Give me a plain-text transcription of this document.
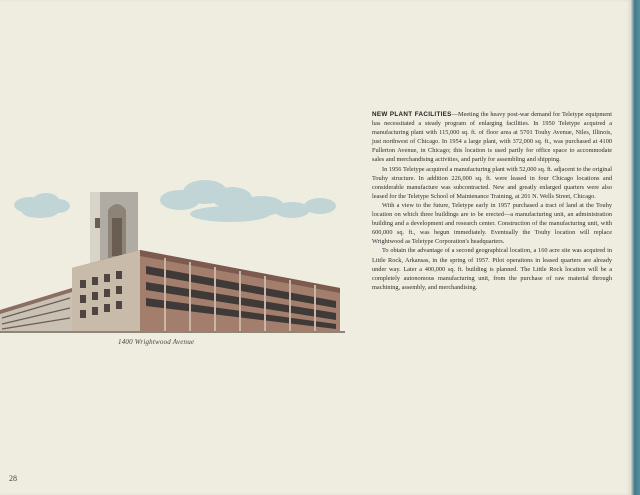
1400 Wrightwood Avenue

NEW PLANT FACILITIES—Meeting the heavy post-war demand for Teletype equipment has necessitated a steady program of enlarging facilities. In 1950 Teletype acquired a manufacturing plant with 115,000 sq. ft. of floor area at 5701 Touhy Avenue, Niles, Illinois, just northwest of Chicago. In 1954 a large plant, with 372,000 sq. ft., was purchased at 4100 Fullerton Avenue, in Chicago; this location is used partly for office space to accommodate sales and merchandising activities, and partly for assembling and shipping.

In 1956 Teletype acquired a manufacturing plant with 52,000 sq. ft. adjacent to the original Touhy structure. In addition 226,000 sq. ft. were leased in four Chicago locations and considerable manufacture was subcontracted. New and greatly enlarged quarters were also leased for the Teletype School of Maintenance Training, at 201 N. Wells Street, Chicago.

With a view to the future, Teletype early in 1957 purchased a tract of land at the Touhy location on which three buildings are to be erected—a manufacturing unit, an administration building and a development and research center. Construction of the manufacturing unit, with 600,000 sq. ft., was begun immediately. Eventually the Touhy location will replace Wrightwood as Teletype Corporation's headquarters.

To obtain the advantage of a second geographical location, a 160 acre site was acquired in Little Rock, Arkansas, in the spring of 1957. Pilot operations in leased quarters are already under way. Later a 400,000 sq. ft. building is planned. The Little Rock location will be a completely autonomous manufacturing unit, from the purchase of raw material through machining, assembly, and merchandising.

28
